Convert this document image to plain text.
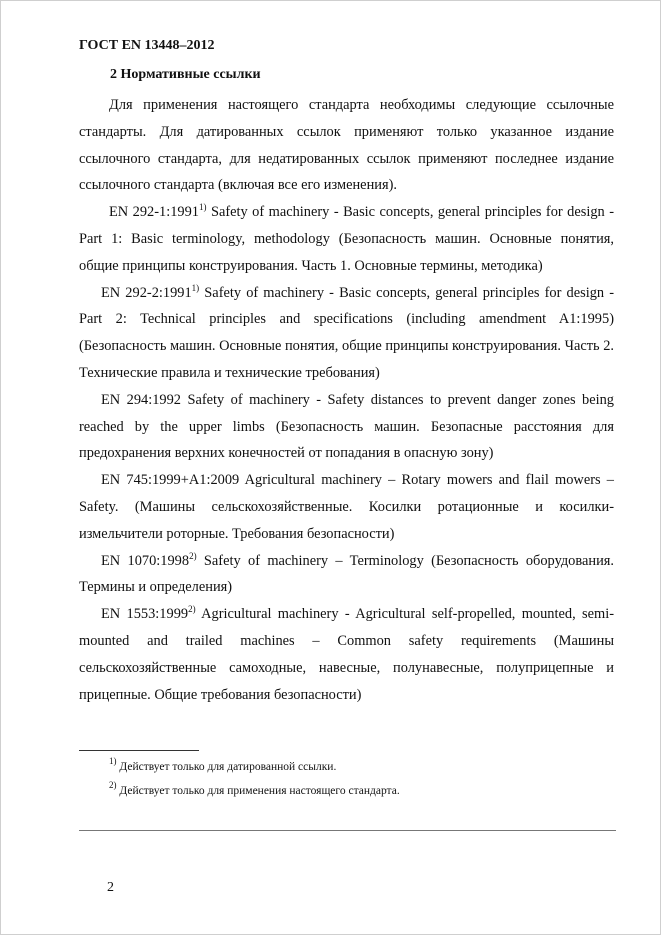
ГОСТ EN 13448–2012
2 Нормативные ссылки

Для применения настоящего стандарта необходимы следующие ссылочные стандарты. Для датированных ссылок применяют только указанное издание ссылочного стандарта, для недатированных ссылок применяют последнее издание ссылочного стандарта (включая все его изменения).

EN 292-1:1991$^{1)}$ Safety of machinery - Basic concepts, general principles for design - Part 1: Basic terminology, methodology (Безопасность машин. Основные понятия, общие принципы конструирования. Часть 1. Основные термины, методика)

EN 292-2:1991$^{1)}$ Safety of machinery - Basic concepts, general principles for design - Part 2: Technical principles and specifications (including amendment A1:1995) (Безопасность машин. Основные понятия, общие принципы конструирования. Часть 2. Технические правила и технические требования)

EN 294:1992 Safety of machinery - Safety distances to prevent danger zones being reached by the upper limbs (Безопасность машин. Безопасные расстояния для предохранения верхних конечностей от попадания в опасную зону)

EN 745:1999+A1:2009 Agricultural machinery – Rotary mowers and flail mowers – Safety. (Машины сельскохозяйственные. Косилки ротационные и косилки-измельчители роторные. Требования безопасности)

EN 1070:1998$^{2)}$ Safety of machinery – Terminology (Безопасность оборудования. Термины и определения)

EN 1553:1999$^{2)}$ Agricultural machinery - Agricultural self-propelled, mounted, semi-mounted and trailed machines – Common safety requirements (Машины сельскохозяйственные самоходные, навесные, полунавесные, полуприцепные и прицепные. Общие требования безопасности)

$^{1)}$ Действует только для датированной ссылки.
$^{2)}$ Действует только для применения настоящего стандарта.
2
